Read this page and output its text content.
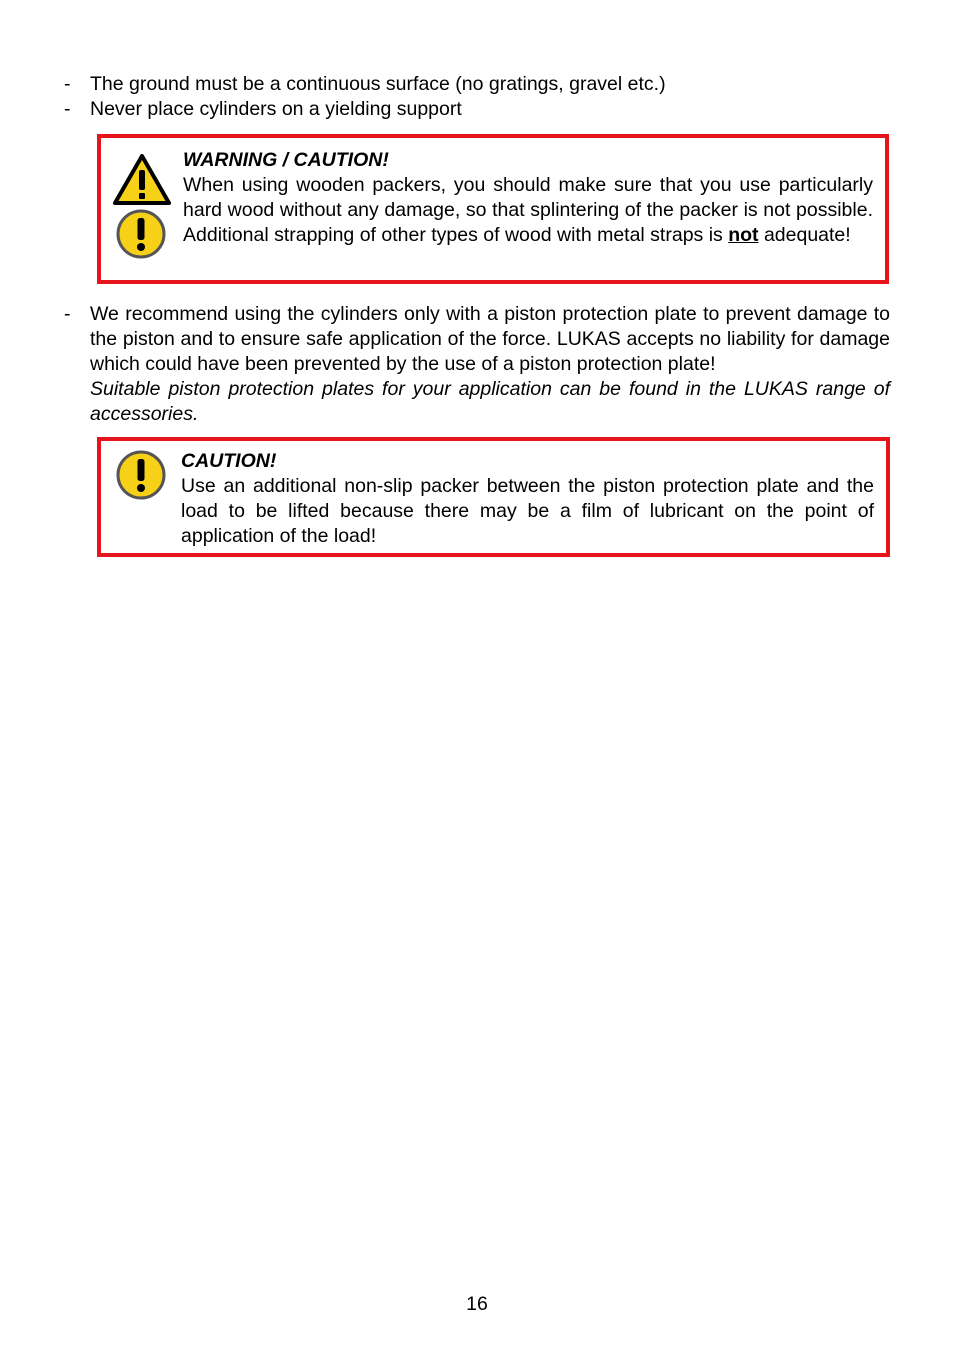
- The ground must be a continuous surface (no gratings, gravel etc.)
- Never place cylinders on a yielding support
WARNING / CAUTION!
When using wooden packers, you should make sure that you use particularly hard wood without any damage, so that splintering of the packer is not possible. Additional strapping of other types of wood with metal straps is not adequate!
- We recommend using the cylinders only with a piston protection plate to prevent damage to the piston and to ensure safe application of the force. LUKAS accepts no liability for damage which could have been prevented by the use of a piston protection plate!
Suitable piston protection plates for your application can be found in the LUKAS range of accessories.
CAUTION!
Use an additional non-slip packer between the piston protection plate and the load to be lifted because there may be a film of lubricant on the point of application of the load!
16
